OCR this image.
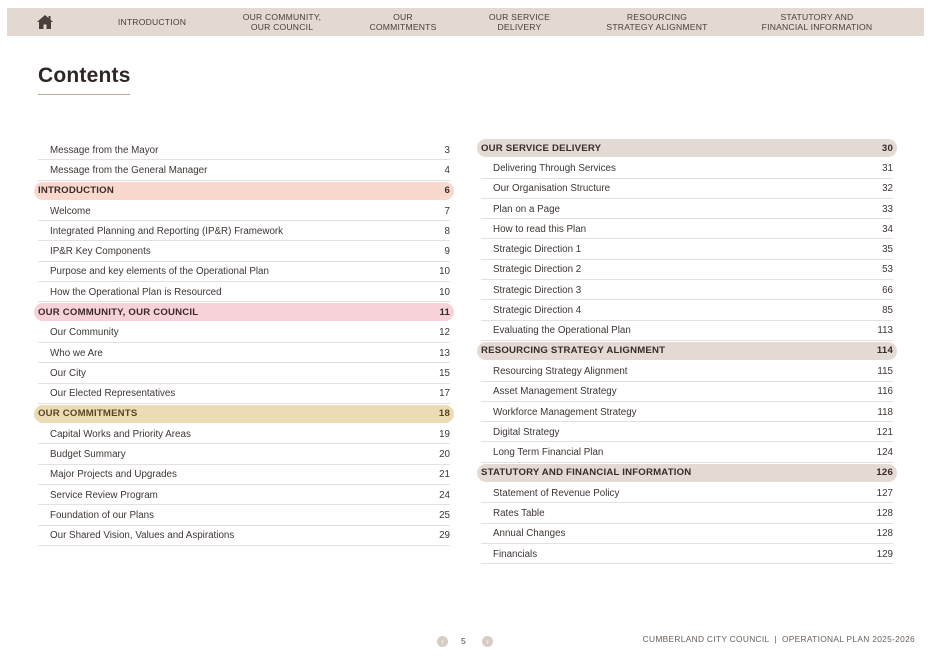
INTRODUCTION
OUR COMMUNITY,
OUR COUNCIL
OUR
COMMITMENTS
OUR SERVICE
DELIVERY
RESOURCING
STRATEGY ALIGNMENT
STATUTORY AND
FINANCIAL INFORMATION
Contents
Message from the Mayor	3
Message from the General Manager	4
INTRODUCTION	6
Welcome	7
Integrated Planning and Reporting (IP&R) Framework	8
IP&R Key Components	9
Purpose and key elements of the Operational Plan	10
How the Operational Plan is Resourced	10
OUR COMMUNITY, OUR COUNCIL	11
Our Community	12
Who we Are	13
Our City	15
Our Elected Representatives	17
OUR COMMITMENTS	18
Capital Works and Priority Areas	19
Budget Summary	20
Major Projects and Upgrades	21
Service Review Program	24
Foundation of our Plans	25
Our Shared Vision, Values and Aspirations	29
OUR SERVICE DELIVERY	30
Delivering Through Services	31
Our Organisation Structure	32
Plan on a Page	33
How to read this Plan	34
Strategic Direction 1	35
Strategic Direction 2	53
Strategic Direction 3	66
Strategic Direction 4	85
Evaluating the Operational Plan	113
RESOURCING STRATEGY ALIGNMENT	114
Resourcing Strategy Alignment	115
Asset Management Strategy	116
Workforce Management Strategy	118
Digital Strategy	121
Long Term Financial Plan	124
STATUTORY AND FINANCIAL INFORMATION	126
Statement of Revenue Policy	127
Rates Table	128
Annual Changes	128
Financials	129
‹	5	›	CUMBERLAND CITY COUNCIL | OPERATIONAL PLAN 2025-2026
